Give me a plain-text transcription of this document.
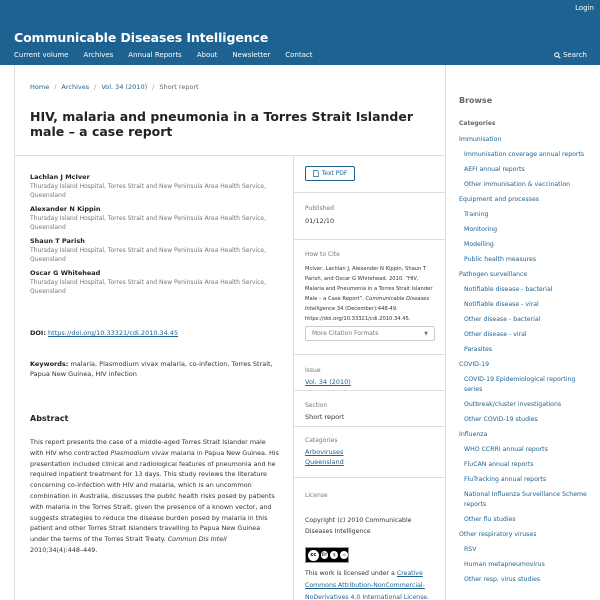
Login
Communicable Diseases Intelligence
Current volume Archives Annual Reports About Newsletter Contact	Search
Home / Archives / Vol. 34 (2010) / Short report
HIV, malaria and pneumonia in a Torres Strait Islander male – a case report
Lachlan J McIver
Thursday Island Hospital, Torres Strait and New Peninsula Area Health Service, Queensland
Alexander N Kippin
Thursday Island Hospital, Torres Strait and New Peninsula Area Health Service, Queensland
Shaun T Parish
Thursday Island Hospital, Torres Strait and New Peninsula Area Health Service, Queensland
Oscar G Whitehead
Thursday Island Hospital, Torres Strait and New Peninsula Area Health Service, Queensland
DOI: https://doi.org/10.33321/cdi.2010.34.45
Keywords: malaria, Plasmodium vivax malaria, co-infection, Torres Strait, Papua New Guinea, HIV infection
Abstract

This report presents the case of a middle-aged Torres Strait Islander male with HIV who contracted Plasmodium vivax malaria in Papua New Guinea. His presentation included clinical and radiological features of pneumonia and he required inpatient treatment for 13 days. This study reviews the literature concerning co-infection with HIV and malaria, which is an uncommon combination in Australia, discusses the public health risks posed by patients with malaria in the Torres Strait, given the presence of a known vector, and suggests strategies to reduce the disease burden posed by malaria in this patient and other Torres Strait Islanders travelling to Papua New Guinea under the terms of the Torres Strait Treaty. Commun Dis Intell 2010;34(4):448–449.

Text PDF
Published
01/12/10
How to Cite
McIver, Lachlan J, Alexander N Kippin, Shaun T Parish, and Oscar G Whitehead. 2010. “HIV, Malaria and Pneumonia in a Torres Strait Islander Male – a Case Report”. Communicable Diseases Intelligence 34 (December):448-49. https://doi.org/10.33321/cdi.2010.34.45.
More Citation Formats	▼
Issue
Vol. 34 (2010)
Section
Short report
Categories
Arboviruses
Queensland
License
Copyright (c) 2010 Communicable Diseases Intelligence
cc	BY	$	=
This work is licensed under a Creative Commons Attribution-NonCommercial-NoDerivatives 4.0 International License.
Browse
Categories
Immunisation
Immunisation coverage annual reports
AEFI annual reports
Other immunisation & vaccination
Equipment and processes
Training
Monitoring
Modelling
Public health measures
Pathogen surveillance
Notifiable disease - bacterial
Notifiable disease - viral
Other disease - bacterial
Other disease - viral
Parasites
COVID-19
COVID-19 Epidemiological reporting series
Outbreak/cluster investigations
Other COVID-19 studies
Influenza
WHO CCRRI annual reports
FluCAN annual reports
FluTracking annual reports
National Influenza Surveillance Scheme reports
Other flu studies
Other respiratory viruses
RSV
Human metapneumovirus
Other resp. virus studies
